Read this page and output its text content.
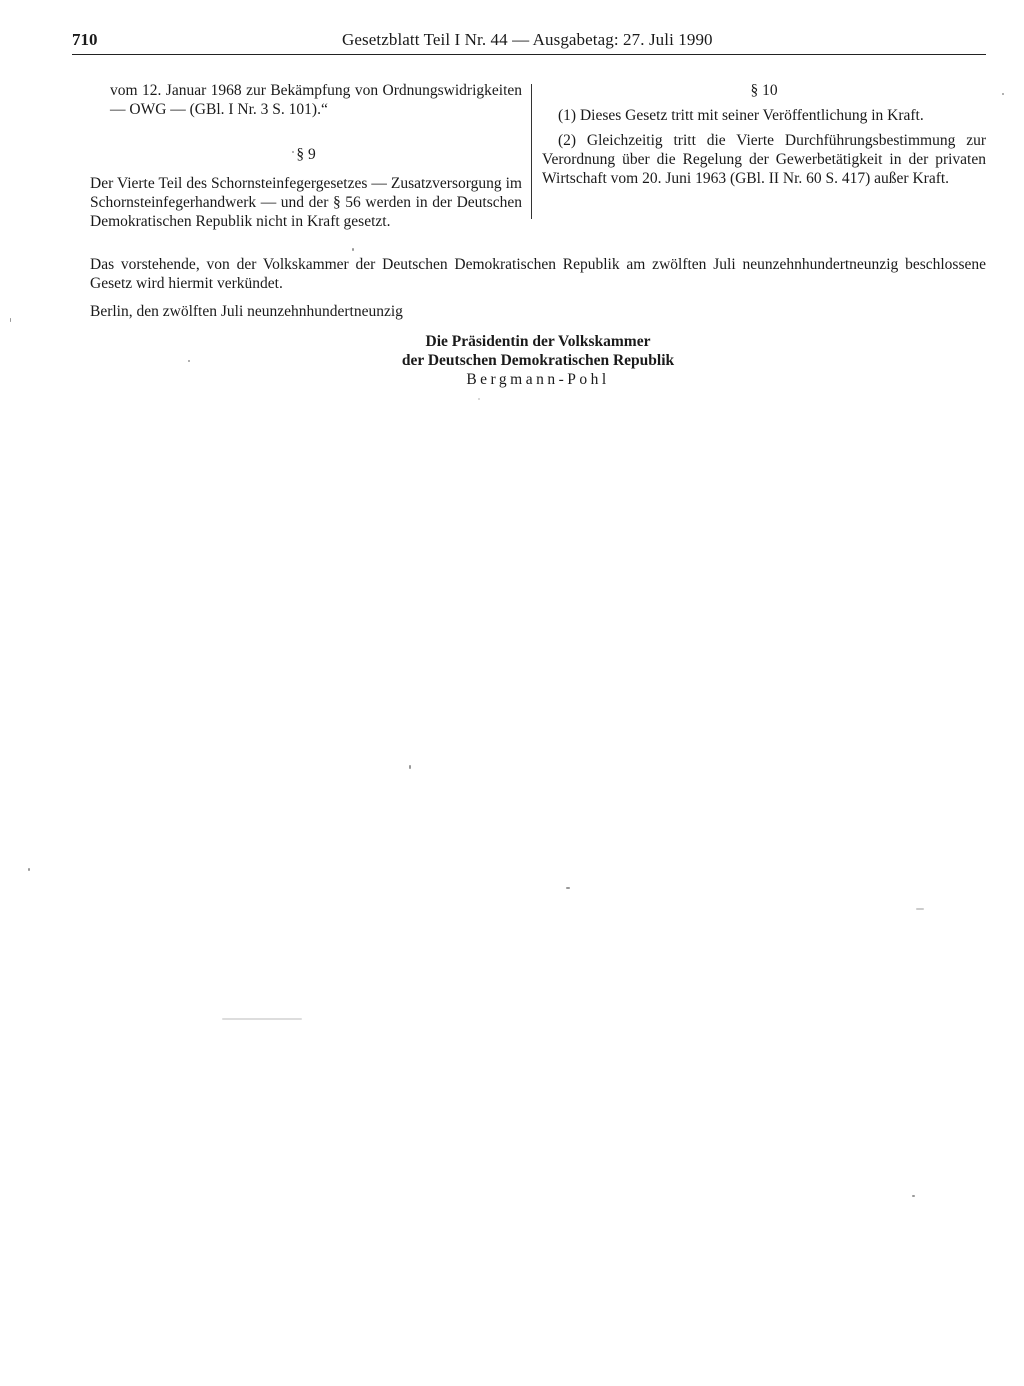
710	Gesetzblatt Teil I Nr. 44 — Ausgabetag: 27. Juli 1990

vom 12. Januar 1968 zur Bekämpfung von Ordnungswidrigkeiten — OWG — (GBl. I Nr. 3 S. 101).“

§ 9

Der Vierte Teil des Schornsteinfegergesetzes — Zusatzversorgung im Schornsteinfegerhandwerk — und der § 56 werden in der Deutschen Demokratischen Republik nicht in Kraft gesetzt.

§ 10

(1) Dieses Gesetz tritt mit seiner Veröffentlichung in Kraft.

(2) Gleichzeitig tritt die Vierte Durchführungsbestimmung zur Verordnung über die Regelung der Gewerbetätigkeit in der privaten Wirtschaft vom 20. Juni 1963 (GBl. II Nr. 60 S. 417) außer Kraft.

Das vorstehende, von der Volkskammer der Deutschen Demokratischen Republik am zwölften Juli neunzehnhundertneunzig beschlossene Gesetz wird hiermit verkündet.

Berlin, den zwölften Juli neunzehnhundertneunzig

Die Präsidentin der Volkskammer
der Deutschen Demokratischen Republik
Bergmann-Pohl
